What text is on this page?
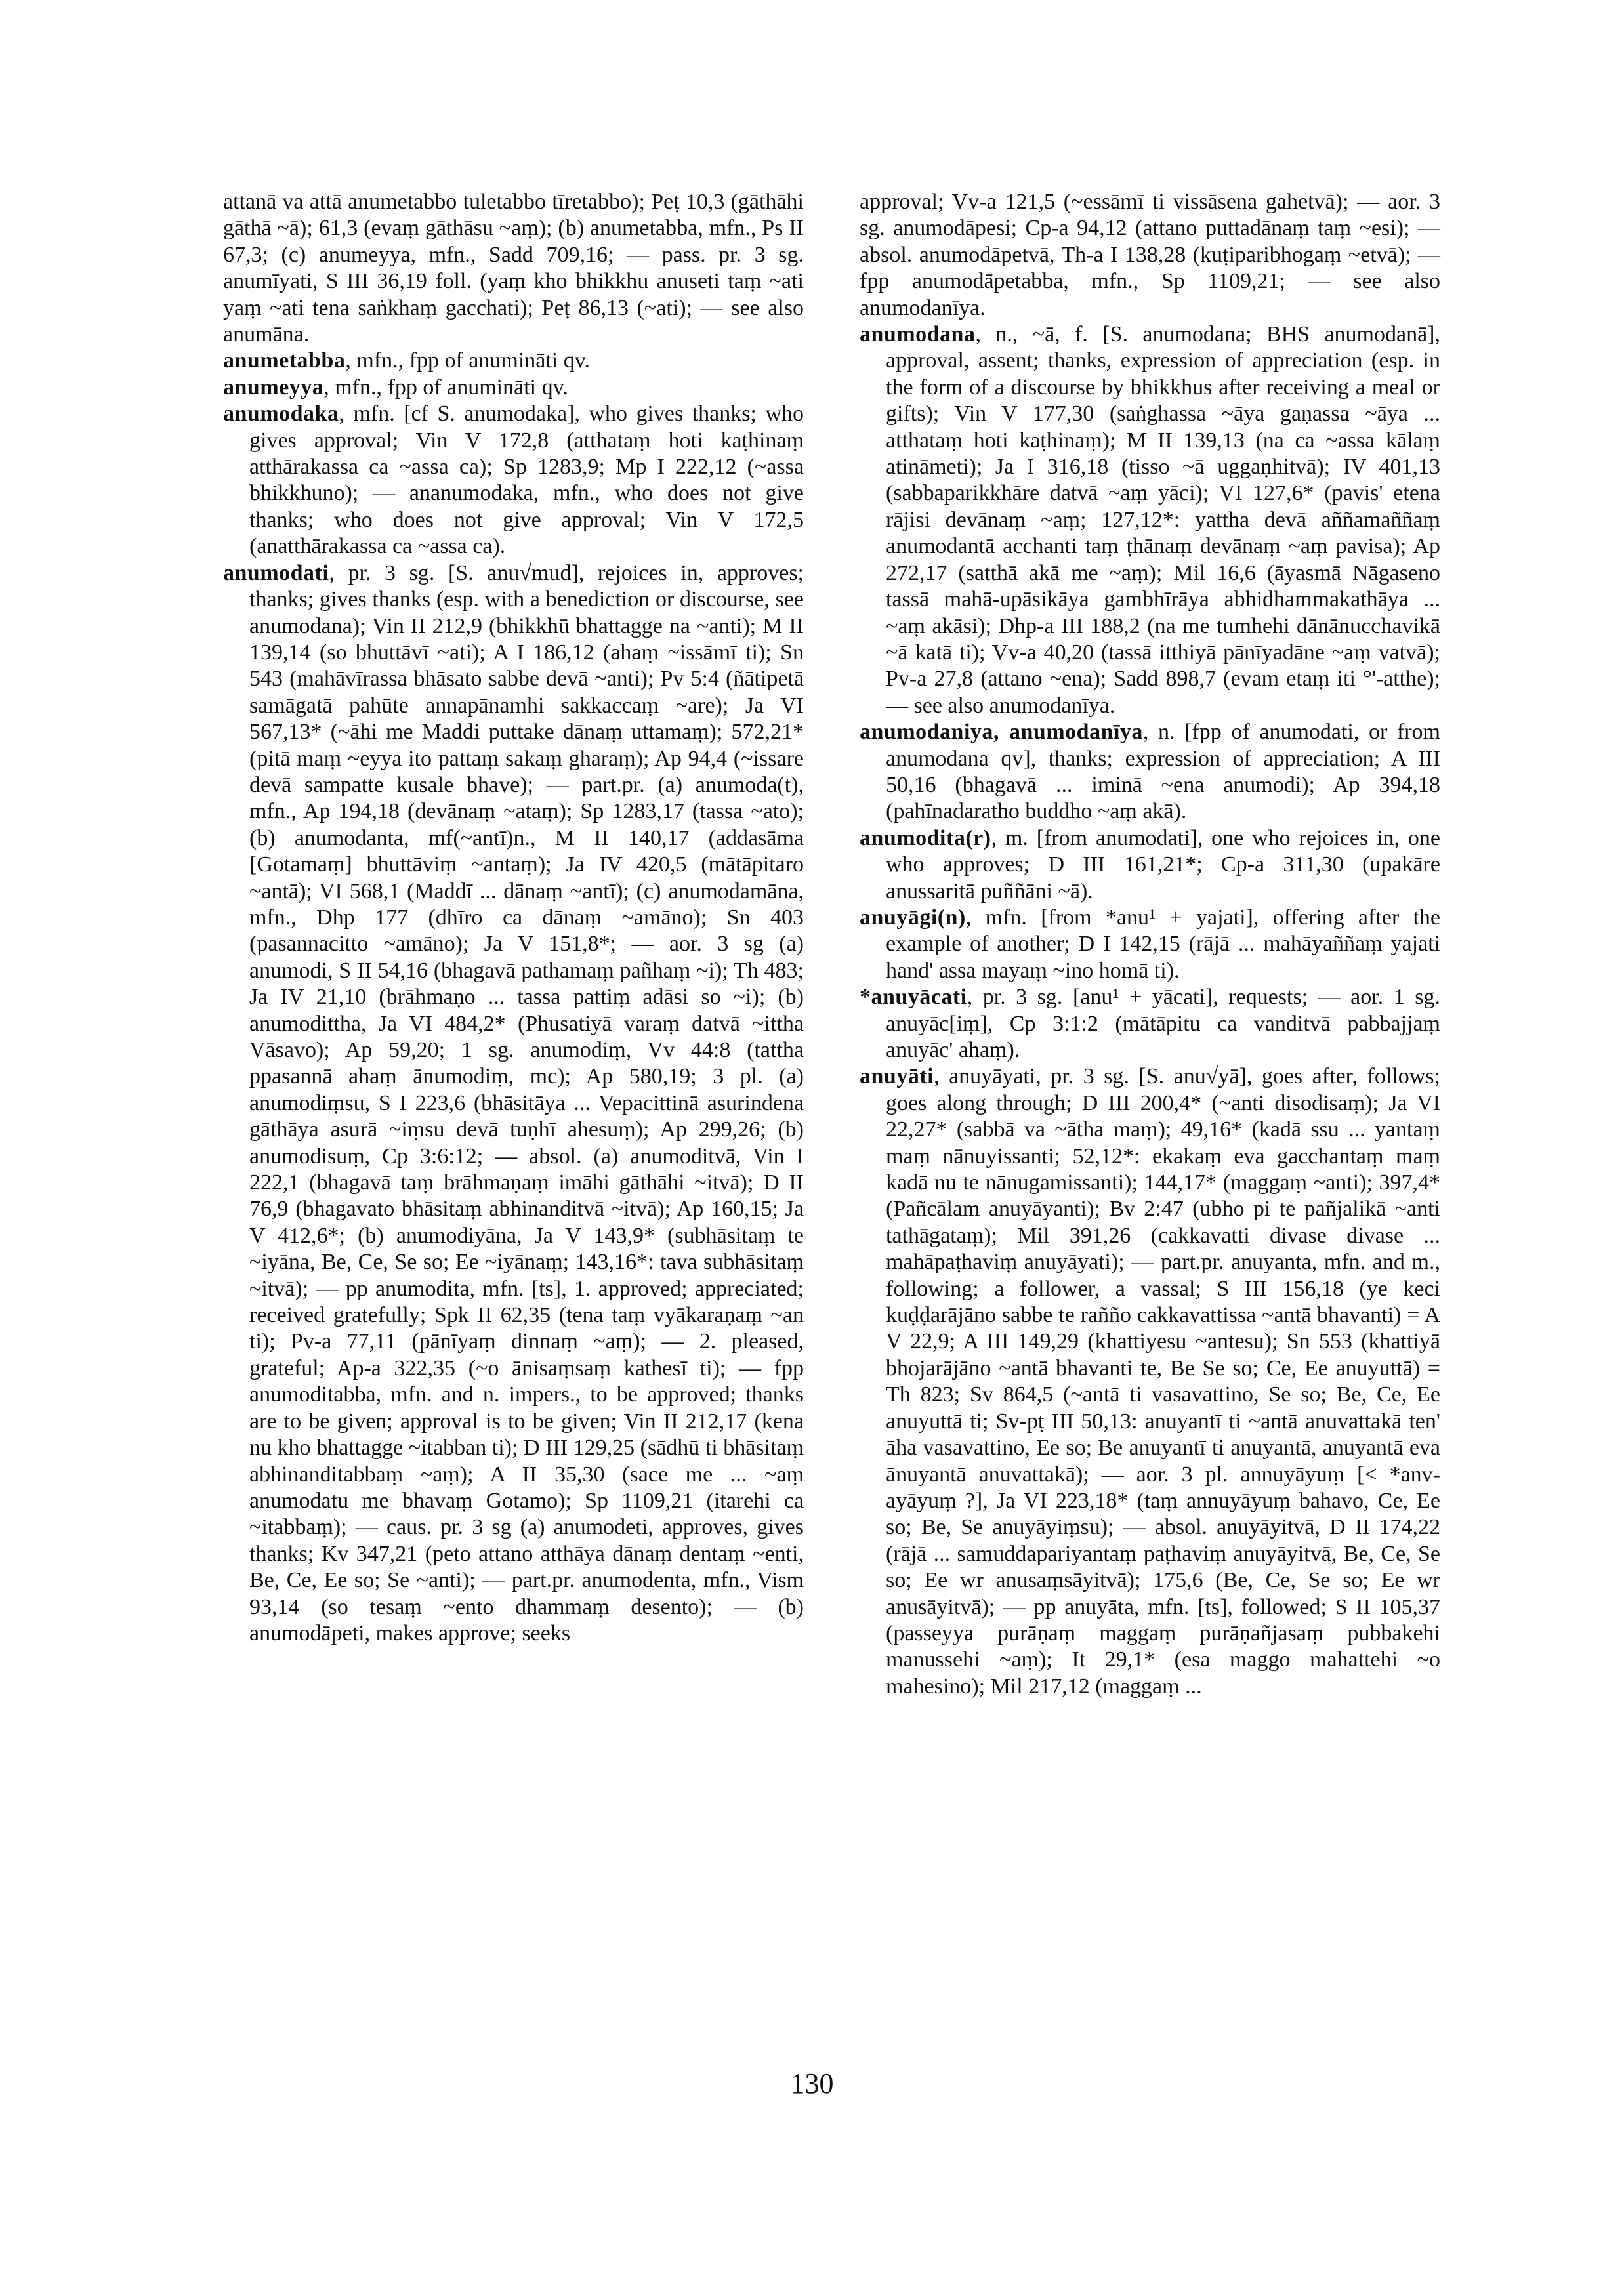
attanā va attā anumetabbo tuletabbo tīretabbo); Peṭ 10,3 (gāthāhi gāthā ~ā); 61,3 (evaṃ gāthāsu ~aṃ); (b) anumetabba, mfn., Ps II 67,3; (c) anumeyya, mfn., Sadd 709,16; — pass. pr. 3 sg. anumīyati, S III 36,19 foll. (yaṃ kho bhikkhu anuseti taṃ ~ati yaṃ ~ati tena saṅkhaṃ gacchati); Peṭ 86,13 (~ati); — see also anumāna.

anumetabba, mfn., fpp of anumināti qv.

anumeyya, mfn., fpp of anumināti qv.

anumodaka, mfn. [cf S. anumodaka], who gives thanks; who gives approval; Vin V 172,8 (atthataṃ hoti kaṭhinaṃ atthārakassa ca ~assa ca); Sp 1283,9; Mp I 222,12 (~assa bhikkhuno); — ananumodaka, mfn., who does not give thanks; who does not give approval; Vin V 172,5 (anatthārakassa ca ~assa ca).

anumodati, pr. 3 sg. [S. anu√mud], rejoices in, approves; thanks; gives thanks (esp. with a benediction or discourse, see anumodana); Vin II 212,9 (bhikkhū bhattagge na ~anti); M II 139,14 (so bhuttāvī ~ati); A I 186,12 (ahaṃ ~issāmī ti); Sn 543 (mahāvīrassa bhāsato sabbe devā ~anti); Pv 5:4 (ñātipetā samāgatā pahūte annapānamhi sakkaccaṃ ~are); Ja VI 567,13* (~āhi me Maddi puttake dānaṃ uttamaṃ); 572,21* (pitā maṃ ~eyya ito pattaṃ sakaṃ gharaṃ); Ap 94,4 (~issare devā sampatte kusale bhave); — part.pr. (a) anumoda(t), mfn., Ap 194,18 (devānaṃ ~ataṃ); Sp 1283,17 (tassa ~ato); (b) anumodanta, mf(~antī)n., M II 140,17 (addasāma [Gotamaṃ] bhuttāviṃ ~antaṃ); Ja IV 420,5 (mātāpitaro ~antā); VI 568,1 (Maddī ... dānaṃ ~antī); (c) anumodamāna, mfn., Dhp 177 (dhīro ca dānaṃ ~amāno); Sn 403 (pasannacitto ~amāno); Ja V 151,8*; — aor. 3 sg (a) anumodi, S II 54,16 (bhagavā pathamaṃ pañhaṃ ~i); Th 483; Ja IV 21,10 (brāhmaṇo ... tassa pattiṃ adāsi so ~i); (b) anumodittha, Ja VI 484,2* (Phusatiyā varaṃ datvā ~ittha Vāsavo); Ap 59,20; 1 sg. anumodiṃ, Vv 44:8 (tattha ppasannā ahaṃ ānumodiṃ, mc); Ap 580,19; 3 pl. (a) anumodiṃsu, S I 223,6 (bhāsitāya ... Vepacittinā asurindena gāthāya asurā ~iṃsu devā tuṇhī ahesuṃ); Ap 299,26; (b) anumodisuṃ, Cp 3:6:12; — absol. (a) anumoditvā, Vin I 222,1 (bhagavā taṃ brāhmaṇaṃ imāhi gāthāhi ~itvā); D II 76,9 (bhagavato bhāsitaṃ abhinanditvā ~itvā); Ap 160,15; Ja V 412,6*; (b) anumodiyāna, Ja V 143,9* (subhāsitaṃ te ~iyāna, Be, Ce, Se so; Ee ~iyānaṃ; 143,16*: tava subhāsitaṃ ~itvā); — pp anumodita, mfn. [ts], 1. approved; appreciated; received gratefully; Spk II 62,35 (tena taṃ vyākaraṇaṃ ~an ti); Pv-a 77,11 (pānīyaṃ dinnaṃ ~aṃ); — 2. pleased, grateful; Ap-a 322,35 (~o ānisaṃsaṃ kathesī ti); — fpp anumoditabba, mfn. and n. impers., to be approved; thanks are to be given; approval is to be given; Vin II 212,17 (kena nu kho bhattagge ~itabban ti); D III 129,25 (sādhū ti bhāsitaṃ abhinanditabbaṃ ~aṃ); A II 35,30 (sace me ... ~aṃ anumodatu me bhavaṃ Gotamo); Sp 1109,21 (itarehi ca ~itabbaṃ); — caus. pr. 3 sg (a) anumodeti, approves, gives thanks; Kv 347,21 (peto attano atthāya dānaṃ dentaṃ ~enti, Be, Ce, Ee so; Se ~anti); — part.pr. anumodenta, mfn., Vism 93,14 (so tesaṃ ~ento dhammaṃ desento); — (b) anumodāpeti, makes approve; seeks

approval; Vv-a 121,5 (~essāmī ti vissāsena gahetvā); — aor. 3 sg. anumodāpesi; Cp-a 94,12 (attano puttadānaṃ taṃ ~esi); — absol. anumodāpetvā, Th-a I 138,28 (kuṭiparibhogaṃ ~etvā); — fpp anumodāpetabba, mfn., Sp 1109,21; — see also anumodanīya.

anumodana, n., ~ā, f. [S. anumodana; BHS anumodanā], approval, assent; thanks, expression of appreciation (esp. in the form of a discourse by bhikkhus after receiving a meal or gifts); Vin V 177,30 (saṅghassa ~āya gaṇassa ~āya ... atthataṃ hoti kaṭhinaṃ); M II 139,13 (na ca ~assa kālaṃ atināmeti); Ja I 316,18 (tisso ~ā uggaṇhitvā); IV 401,13 (sabbaparikkhāre datvā ~aṃ yāci); VI 127,6* (pavis' etena rājisi devānaṃ ~aṃ; 127,12*: yattha devā aññamaññaṃ anumodantā acchanti taṃ ṭhānaṃ devānaṃ ~aṃ pavisa); Ap 272,17 (satthā akā me ~aṃ); Mil 16,6 (āyasmā Nāgaseno tassā mahā-upāsikāya gambhīrāya abhidhammakathāya ... ~aṃ akāsi); Dhp-a III 188,2 (na me tumhehi dānānucchavikā ~ā katā ti); Vv-a 40,20 (tassā itthiyā pānīyadāne ~aṃ vatvā); Pv-a 27,8 (attano ~ena); Sadd 898,7 (evam etaṃ iti °'-atthe); — see also anumodanīya.

anumodaniya, anumodanīya, n. [fpp of anumodati, or from anumodana qv], thanks; expression of appreciation; A III 50,16 (bhagavā ... iminā ~ena anumodi); Ap 394,18 (pahīnadaratho buddho ~aṃ akā).

anumodita(r), m. [from anumodati], one who rejoices in, one who approves; D III 161,21*; Cp-a 311,30 (upakāre anussaritā puññāni ~ā).

anuyāgi(n), mfn. [from *anu¹ + yajati], offering after the example of another; D I 142,15 (rājā ... mahāyaññaṃ yajati hand' assa mayaṃ ~ino homā ti).

*anuyācati, pr. 3 sg. [anu¹ + yācati], requests; — aor. 1 sg. anuyāc[iṃ], Cp 3:1:2 (mātāpitu ca vanditvā pabbajjaṃ anuyāc' ahaṃ).

anuyāti, anuyāyati, pr. 3 sg. [S. anu√yā], goes after, follows; goes along through; D III 200,4* (~anti disodisaṃ); Ja VI 22,27* (sabbā va ~ātha maṃ); 49,16* (kadā ssu ... yantaṃ maṃ nānuyissanti; 52,12*: ekakaṃ eva gacchantaṃ maṃ kadā nu te nānugamissanti); 144,17* (maggaṃ ~anti); 397,4* (Pañcālam anuyāyanti); Bv 2:47 (ubho pi te pañjalikā ~anti tathāgataṃ); Mil 391,26 (cakkavatti divase divase ... mahāpaṭhaviṃ anuyāyati); — part.pr. anuyanta, mfn. and m., following; a follower, a vassal; S III 156,18 (ye keci kuḍḍarājāno sabbe te rañño cakkavattissa ~antā bhavanti) = A V 22,9; A III 149,29 (khattiyesu ~antesu); Sn 553 (khattiyā bhojarājāno ~antā bhavanti te, Be Se so; Ce, Ee anuyuttā) = Th 823; Sv 864,5 (~antā ti vasavattino, Se so; Be, Ce, Ee anuyuttā ti; Sv-pṭ III 50,13: anuyantī ti ~antā anuvattakā ten' āha vasavattino, Ee so; Be anuyantī ti anuyantā, anuyantā eva ānuyantā anuvattakā); — aor. 3 pl. annuyāyuṃ [< *anv-ayāyuṃ ?], Ja VI 223,18* (taṃ annuyāyuṃ bahavo, Ce, Ee so; Be, Se anuyāyiṃsu); — absol. anuyāyitvā, D II 174,22 (rājā ... samuddapariyantaṃ paṭhaviṃ anuyāyitvā, Be, Ce, Se so; Ee wr anusaṃsāyitvā); 175,6 (Be, Ce, Se so; Ee wr anusāyitvā); — pp anuyāta, mfn. [ts], followed; S II 105,37 (passeyya purāṇaṃ maggaṃ purāṇañjasaṃ pubbakehi manussehi ~aṃ); It 29,1* (esa maggo mahattehi ~o mahesino); Mil 217,12 (maggaṃ ...

130
